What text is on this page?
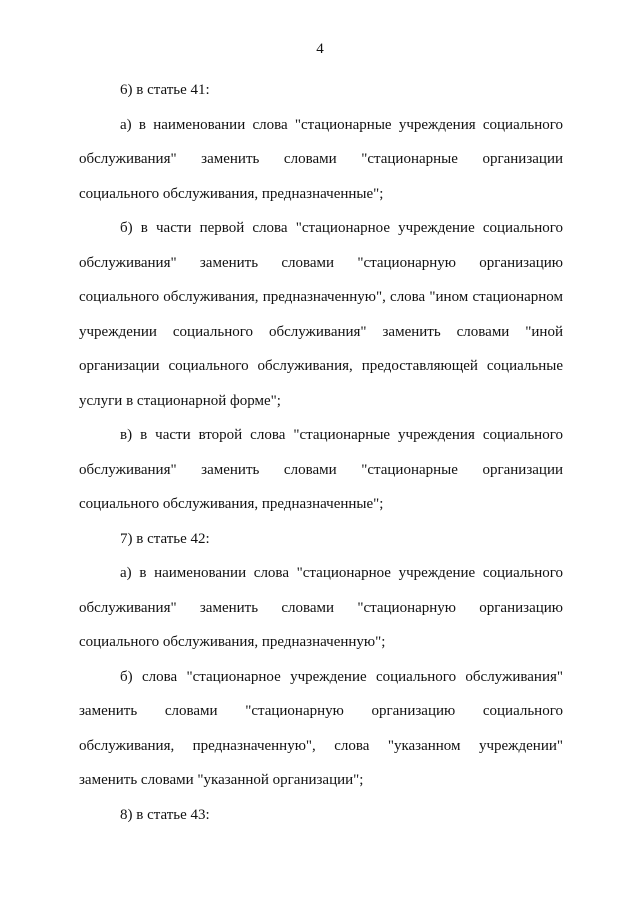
4

6) в статье 41:

а) в наименовании слова "стационарные учреждения социального обслуживания" заменить словами "стационарные организации социального обслуживания, предназначенные";

б) в части первой слова "стационарное учреждение социального обслуживания" заменить словами "стационарную организацию социального обслуживания, предназначенную", слова "ином стационарном учреждении социального обслуживания" заменить словами "иной организации социального обслуживания, предоставляющей социальные услуги в стационарной форме";

в) в части второй слова "стационарные учреждения социального обслуживания" заменить словами "стационарные организации социального обслуживания, предназначенные";

7) в статье 42:

а) в наименовании слова "стационарное учреждение социального обслуживания" заменить словами "стационарную организацию социального обслуживания, предназначенную";

б) слова "стационарное учреждение социального обслуживания" заменить словами "стационарную организацию социального обслуживания, предназначенную", слова "указанном учреждении" заменить словами "указанной организации";

8) в статье 43:
